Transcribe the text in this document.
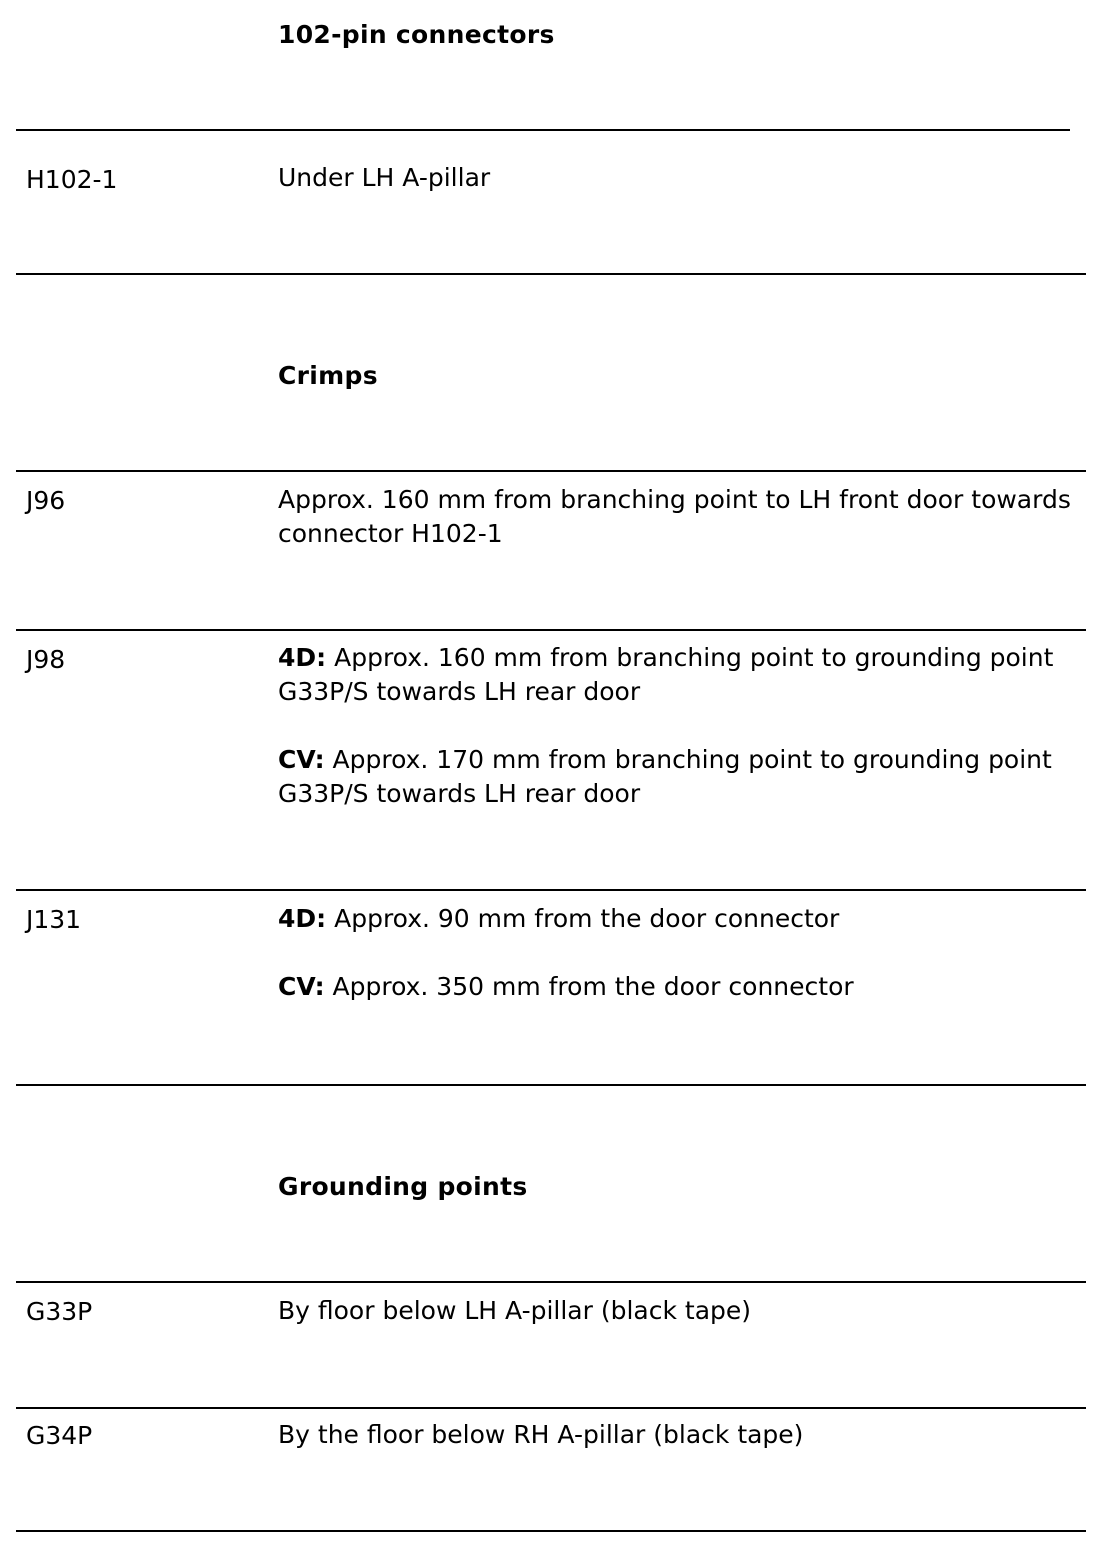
102-pin connectors
H102-1	Under LH A-pillar

Crimps
J96	Approx. 160 mm from branching point to LH front door towards connector H102-1

J98	4D: Approx. 160 mm from branching point to grounding point G33P/S towards LH rear door

CV: Approx. 170 mm from branching point to grounding point G33P/S towards LH rear door

J131	4D: Approx. 90 mm from the door connector

CV: Approx. 350 mm from the door connector

Grounding points
G33P	By floor below LH A-pillar (black tape)

G34P	By the floor below RH A-pillar (black tape)
